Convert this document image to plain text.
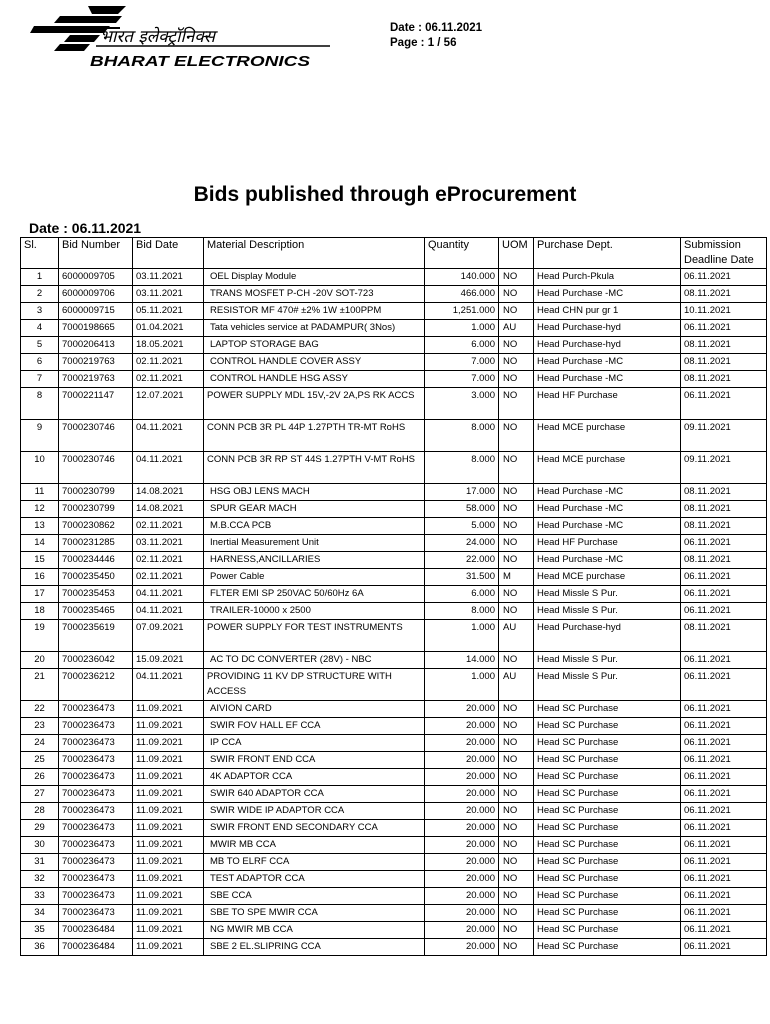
भारत इलेक्ट्रॉनिक्स
BHARAT ELECTRONICS
Date : 06.11.2021
Page : 1 / 56
Bids published through eProcurement
Date : 06.11.2021
Sl.	Bid Number	Bid Date	Material Description	Quantity	UOM	Purchase Dept.	Submission Deadline Date
1	6000009705	03.11.2021	OEL Display Module	140.000	NO	Head Purch-Pkula	06.11.2021
2	6000009706	03.11.2021	TRANS MOSFET P-CH -20V SOT-723	466.000	NO	Head Purchase -MC	08.11.2021
3	6000009715	05.11.2021	RESISTOR MF 470# ±2% 1W ±100PPM	1,251.000	NO	Head CHN pur gr 1	10.11.2021
4	7000198665	01.04.2021	Tata vehicles service at PADAMPUR( 3Nos)	1.000	AU	Head Purchase-hyd	06.11.2021
5	7000206413	18.05.2021	LAPTOP STORAGE BAG	6.000	NO	Head Purchase-hyd	08.11.2021
6	7000219763	02.11.2021	CONTROL HANDLE COVER ASSY	7.000	NO	Head Purchase -MC	08.11.2021
7	7000219763	02.11.2021	CONTROL HANDLE HSG ASSY	7.000	NO	Head Purchase -MC	08.11.2021
8	7000221147	12.07.2021	POWER SUPPLY MDL 15V,-2V 2A,PS RK ACCS	3.000	NO	Head HF Purchase	06.11.2021
9	7000230746	04.11.2021	CONN PCB 3R PL 44P 1.27PTH TR-MT RoHS	8.000	NO	Head MCE purchase	09.11.2021
10	7000230746	04.11.2021	CONN PCB 3R RP ST 44S 1.27PTH V-MT RoHS	8.000	NO	Head MCE purchase	09.11.2021
11	7000230799	14.08.2021	HSG OBJ LENS MACH	17.000	NO	Head Purchase -MC	08.11.2021
12	7000230799	14.08.2021	SPUR GEAR MACH	58.000	NO	Head Purchase -MC	08.11.2021
13	7000230862	02.11.2021	M.B.CCA PCB	5.000	NO	Head Purchase -MC	08.11.2021
14	7000231285	03.11.2021	Inertial Measurement Unit	24.000	NO	Head HF Purchase	06.11.2021
15	7000234446	02.11.2021	HARNESS,ANCILLARIES	22.000	NO	Head Purchase -MC	08.11.2021
16	7000235450	02.11.2021	Power Cable	31.500	M	Head MCE purchase	06.11.2021
17	7000235453	04.11.2021	FLTER EMI SP 250VAC 50/60Hz 6A	6.000	NO	Head Missle S Pur.	06.11.2021
18	7000235465	04.11.2021	TRAILER-10000 x 2500	8.000	NO	Head Missle S Pur.	06.11.2021
19	7000235619	07.09.2021	POWER SUPPLY FOR TEST INSTRUMENTS	1.000	AU	Head Purchase-hyd	08.11.2021
20	7000236042	15.09.2021	AC TO DC CONVERTER (28V) - NBC	14.000	NO	Head Missle S Pur.	06.11.2021
21	7000236212	04.11.2021	PROVIDING 11 KV DP STRUCTURE WITH ACCESS	1.000	AU	Head Missle S Pur.	06.11.2021
22	7000236473	11.09.2021	AIVION CARD	20.000	NO	Head SC Purchase	06.11.2021
23	7000236473	11.09.2021	SWIR FOV HALL EF CCA	20.000	NO	Head SC Purchase	06.11.2021
24	7000236473	11.09.2021	IP CCA	20.000	NO	Head SC Purchase	06.11.2021
25	7000236473	11.09.2021	SWIR FRONT END CCA	20.000	NO	Head SC Purchase	06.11.2021
26	7000236473	11.09.2021	4K ADAPTOR CCA	20.000	NO	Head SC Purchase	06.11.2021
27	7000236473	11.09.2021	SWIR 640 ADAPTOR CCA	20.000	NO	Head SC Purchase	06.11.2021
28	7000236473	11.09.2021	SWIR WIDE IP ADAPTOR CCA	20.000	NO	Head SC Purchase	06.11.2021
29	7000236473	11.09.2021	SWIR FRONT END SECONDARY CCA	20.000	NO	Head SC Purchase	06.11.2021
30	7000236473	11.09.2021	MWIR MB CCA	20.000	NO	Head SC Purchase	06.11.2021
31	7000236473	11.09.2021	MB TO ELRF CCA	20.000	NO	Head SC Purchase	06.11.2021
32	7000236473	11.09.2021	TEST ADAPTOR CCA	20.000	NO	Head SC Purchase	06.11.2021
33	7000236473	11.09.2021	SBE CCA	20.000	NO	Head SC Purchase	06.11.2021
34	7000236473	11.09.2021	SBE TO SPE MWIR CCA	20.000	NO	Head SC Purchase	06.11.2021
35	7000236484	11.09.2021	NG MWIR MB CCA	20.000	NO	Head SC Purchase	06.11.2021
36	7000236484	11.09.2021	SBE 2 EL.SLIPRING CCA	20.000	NO	Head SC Purchase	06.11.2021
